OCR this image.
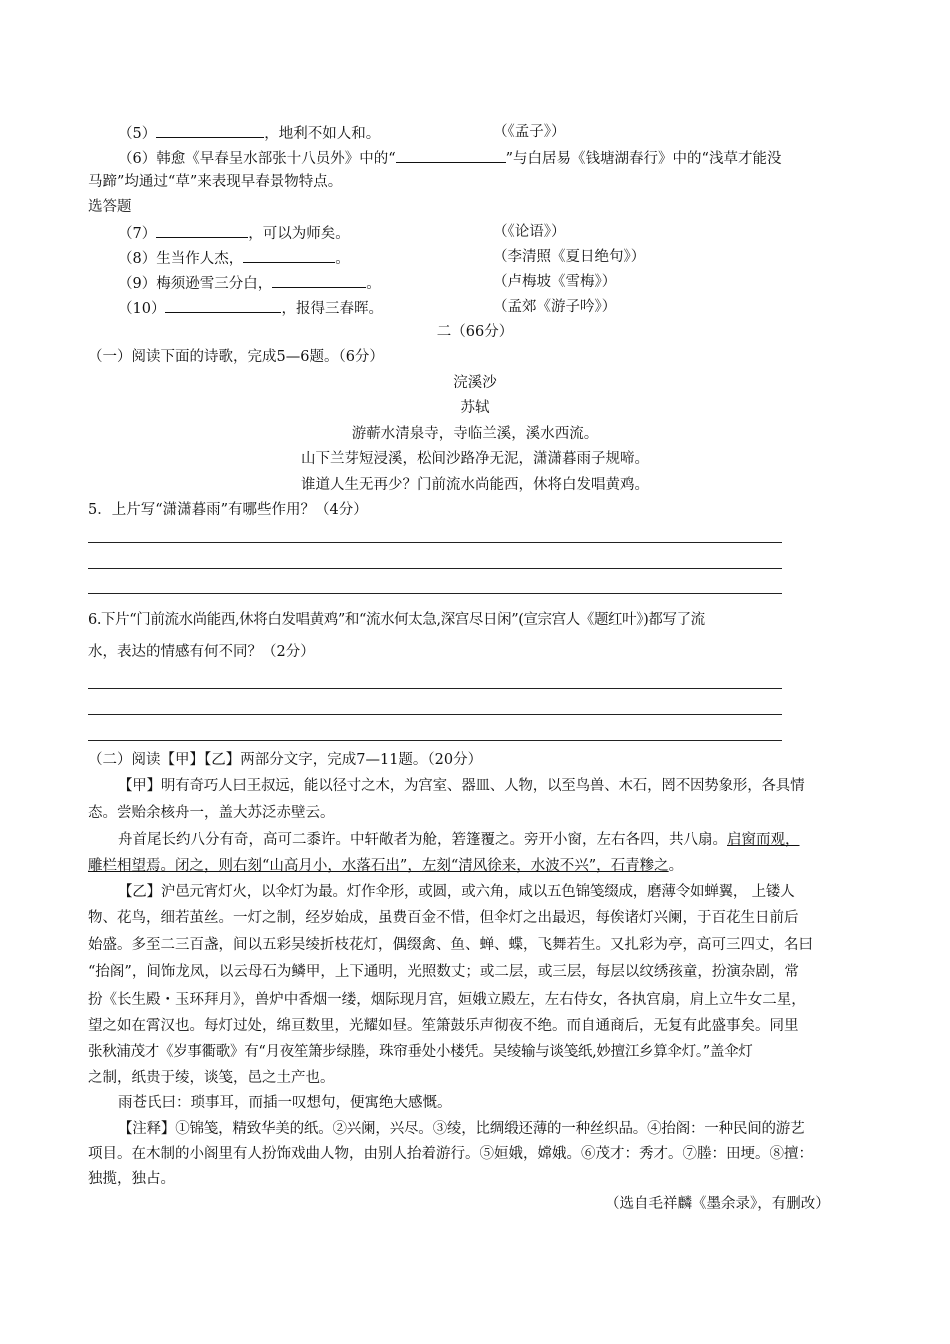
（5）	，地利不如人和。	（《孟子》）
（6）韩愈《早春呈水部张十八员外》中的“	”与白居易《钱塘湖春行》中的“浅草才能没
马蹄”均通过“草”来表现早春景物特点。
选答题
（7）	，可以为师矣。	（《论语》）
（8）生当作人杰，	。	（李清照《夏日绝句》）
（9）梅须逊雪三分白，	。	（卢梅坡《雪梅》）
（10）	，报得三春晖。	（孟郊《游子吟》）
二（66分）
（一）阅读下面的诗歌，完成5—6题。（6分）
浣溪沙
苏轼
游蕲水清泉寺，寺临兰溪，溪水西流。
山下兰芽短浸溪，松间沙路净无泥，潇潇暮雨子规啼。
谁道人生无再少？门前流水尚能西，休将白发唱黄鸡。
5．上片写“潇潇暮雨”有哪些作用？（4分）
6.下片“门前流水尚能西,休将白发唱黄鸡”和“流水何太急,深宫尽日闲”(宣宗宫人《题红叶》)都写了流
水，表达的情感有何不同？（2分）
（二）阅读【甲】【乙】两部分文字，完成7—11题。（20分）
【甲】明有奇巧人曰王叔远，能以径寸之木，为宫室、器皿、人物，以至鸟兽、木石，罔不因势象形，各具情
态。尝贻余核舟一，盖大苏泛赤壁云。
舟首尾长约八分有奇，高可二黍许。中轩敞者为舱，箬篷覆之。旁开小窗，左右各四，共八扇。启窗而观，
雕栏相望焉。闭之，则右刻“山高月小，水落石出”，左刻“清风徐来，水波不兴”，石青糁之。
【乙】沪邑元宵灯火，以伞灯为最。灯作伞形，或圆，或六角，咸以五色锦笺缀成，磨薄令如蝉翼， 上镂人
物、花鸟，细若茧丝。一灯之制，经岁始成，虽费百金不惜，但伞灯之出最迟，每俟诸灯兴阑，于百花生日前后
始盛。多至二三百盏，间以五彩吴绫折枝花灯，偶缀禽、鱼、蝉、蝶，飞舞若生。又扎彩为亭，高可三四丈，名曰
“抬阁”，间饰龙凤，以云母石为鳞甲，上下通明，光照数丈；或二层，或三层，每层以纹绣孩童，扮演杂剧，常
扮《长生殿・玉环拜月》，兽炉中香烟一缕，烟际现月宫，姮娥立殿左，左右侍女，各执宫扇，肩上立牛女二星，
望之如在霄汉也。每灯过处，绵亘数里，光耀如昼。笙箫鼓乐声彻夜不绝。而自通商后，无复有此盛事矣。同里
张秋浦茂才《岁事衢歌》有“月夜笙箫步绿塍，珠帘垂处小楼凭。吴绫输与谈笺纸,妙擅江乡算伞灯。”盖伞灯
之制，纸贵于绫，谈笺，邑之土产也。
雨苍氏曰：琐事耳，而插一叹想句，便寓绝大感慨。
【注释】①锦笺，精致华美的纸。②兴阑，兴尽。③绫，比绸缎还薄的一种丝织品。④抬阁：一种民间的游艺
项目。在木制的小阁里有人扮饰戏曲人物，由别人抬着游行。⑤姮娥，嫦娥。⑥茂才：秀才。⑦塍：田埂。⑧擅：
独揽，独占。
（选自毛祥麟《墨余录》，有删改）
